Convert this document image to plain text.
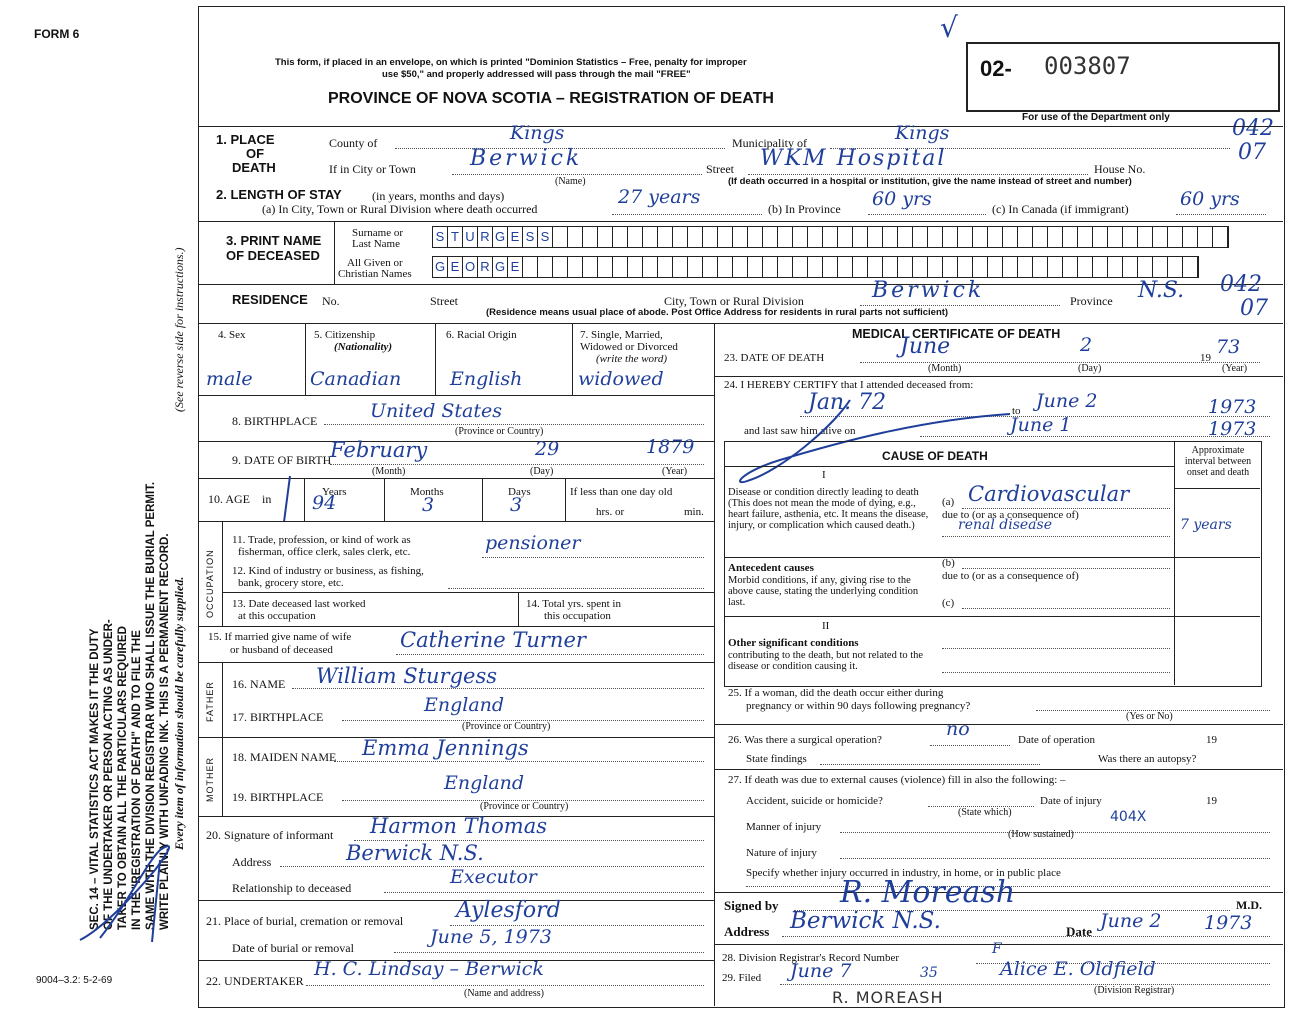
FORM 6
This form, if placed in an envelope, on which is printed "Dominion Statistics – Free, penalty for improper
use $50," and properly addressed will pass through the mail "FREE"
PROVINCE OF NOVA SCOTIA – REGISTRATION OF DEATH
02- 003807
For use of the Department only	042
07
√
SEC. 14 – VITAL STATISTICS ACT MAKES IT THE DUTY OF THE UNDERTAKER OR PERSON ACTING AS UNDER- TAKER TO OBTAIN ALL THE PARTICULARS REQUIRED IN THE "REGISTRATION OF DEATH" AND TO FILE THE SAME WITH THE DIVISION REGISTRAR WHO SHALL ISSUE THE BURIAL PERMIT. WRITE PLAINLY WITH UNFADING INK. THIS IS A PERMANENT RECORD.
(See reverse side for instructions.)
Every item of information should be carefully supplied.
9004–3.2: 5-2-69
1. PLACE
OF
DEATH
County of	Kings	Municipality of	Kings
If in City or Town Berwick
(Name)
Street WKM Hospital	House No.
(If death occurred in a hospital or institution, give the name instead of street and number)
2. LENGTH OF STAY	(in years, months and days)
(a) In City, Town or Rural Division where death occurred
27 years
(b) In Province 60 yrs	(c) In Canada (if immigrant)	60 yrs
3. PRINT NAME
OF DECEASED
Surname or
Last Name
All Given or
Christian Names
S T U R G E S S
G E O R G E
RESIDENCE No.	Street	City, Town or Rural Division	Berwick	Province N.S. 042
07
(Residence means usual place of abode. Post Office Address for residents in rural parts not sufficient)
4. Sex
male
5. Citizenship
(Nationality)
Canadian
6. Racial Origin
English
7. Single, Married,
Widowed or Divorced
(write the word)
widowed
8. BIRTHPLACE	United States
(Province or Country)
9. DATE OF BIRTH
February	29	1879
(Month)	(Day)	(Year)
10. AGE in	Years
94	Months
3
Days
3
If less than one day old
hrs. or	min.
OCCUPATION
11. Trade, profession, or kind of work as
fisherman, office clerk, sales clerk, etc.	pensioner
12. Kind of industry or business, as fishing,
bank, grocery store, etc.
13. Date deceased last worked
at this occupation
14. Total yrs. spent in
this occupation
15. If married give name of wife
or husband of deceased	Catherine Turner
FATHER 16. NAME William Sturgess
17. BIRTHPLACE
England
(Province or Country)
MOTHER 18. MAIDEN NAME Emma Jennings
19. BIRTHPLACE
England
(Province or Country)
20. Signature of informant Harmon Thomas
Address	Berwick N.S.
Relationship to deceased	Executor
21. Place of burial, cremation or removal Aylesford
Date of burial or removal	June 5, 1973
22. UNDERTAKER
H. C. Lindsay – Berwick
(Name and address)
MEDICAL CERTIFICATE OF DEATH
23. DATE OF DEATH	June	2
19 73
(Month)	(Day)	(Year)
24. I HEREBY CERTIFY that I attended deceased from:
Jan. 72	to June 2	1973
and last saw him alive on	June 1	1973
CAUSE OF DEATH	Approximate interval between onset and death
I
Disease or condition directly leading to death (This does not mean the mode of dying, e.g., heart failure, asthenia, etc. It means the disease, injury, or complication which caused death.)
(a) Cardiovascular
due to (or as a consequence of)
renal disease	7 years
Antecedent causes
Morbid conditions, if any, giving rise to the above cause, stating the underlying condition last.
(b)
due to (or as a consequence of)
(c)
II
Other significant conditions
contributing to the death, but not related to the disease or condition causing it.
25. If a woman, did the death occur either during
pregnancy or within 90 days following pregnancy?
(Yes or No)
26. Was there a surgical operation?	no	Date of operation	19
State findings	Was there an autopsy?
27. If death was due to external causes (violence) fill in also the following: –
Accident, suicide or homicide?	Date of injury	19
(State which)
Manner of injury
404X
(How sustained)
Nature of injury
Specify whether injury occurred in industry, in home, or in public place
Signed by R. Moreash	M.D.
Address Berwick N.S.	Date June 2 1973
28. Division Registrar's Record Number
F
29. Filed June 7	35	Alice E. Oldfield
(Division Registrar)
R. MOREASH
